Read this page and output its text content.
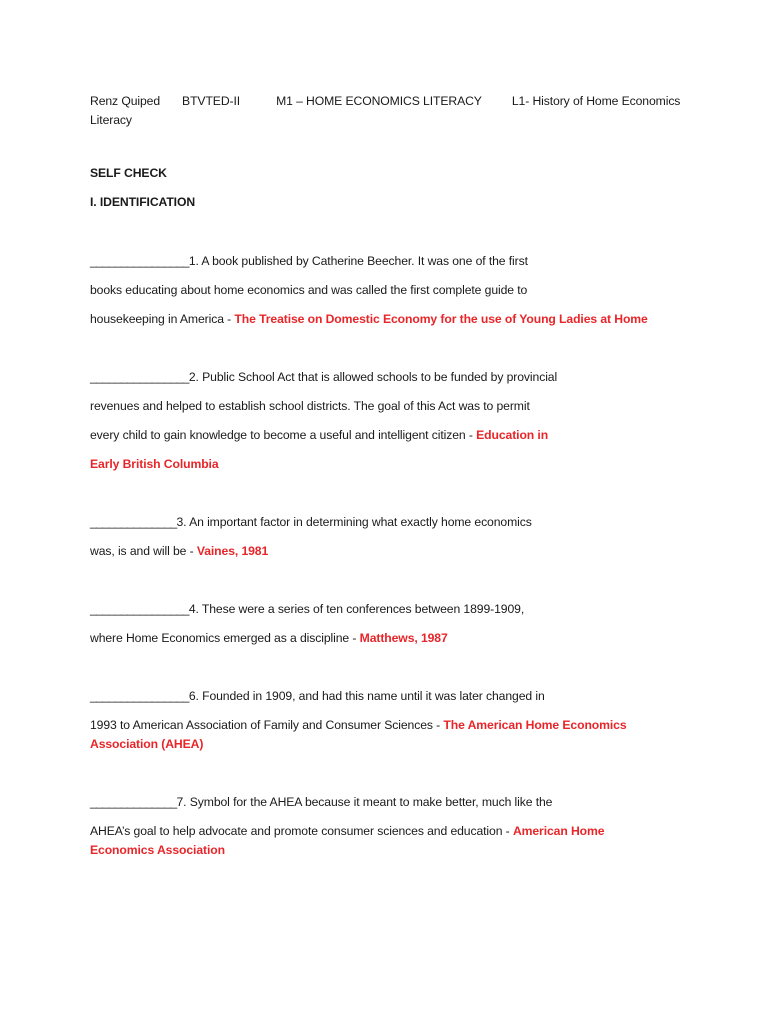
Renz Quiped BTVTED-II	M1 – HOME ECONOMICS LITERACY L1- History of Home Economics
Literacy
SELF CHECK
I. IDENTIFICATION
________________1. A book published by Catherine Beecher. It was one of the first
books educating about home economics and was called the first complete guide to
housekeeping in America - The Treatise on Domestic Economy for the use of Young Ladies at Home
________________2. Public School Act that is allowed schools to be funded by provincial
revenues and helped to establish school districts. The goal of this Act was to permit
every child to gain knowledge to become a useful and intelligent citizen - Education in
Early British Columbia
______________3. An important factor in determining what exactly home economics
was, is and will be - Vaines, 1981
________________4. These were a series of ten conferences between 1899-1909,
where Home Economics emerged as a discipline - Matthews, 1987
________________6. Founded in 1909, and had this name until it was later changed in
1993 to American Association of Family and Consumer Sciences - The American Home Economics
Association (AHEA)
______________7. Symbol for the AHEA because it meant to make better, much like the
AHEA’s goal to help advocate and promote consumer sciences and education - American Home
Economics Association
